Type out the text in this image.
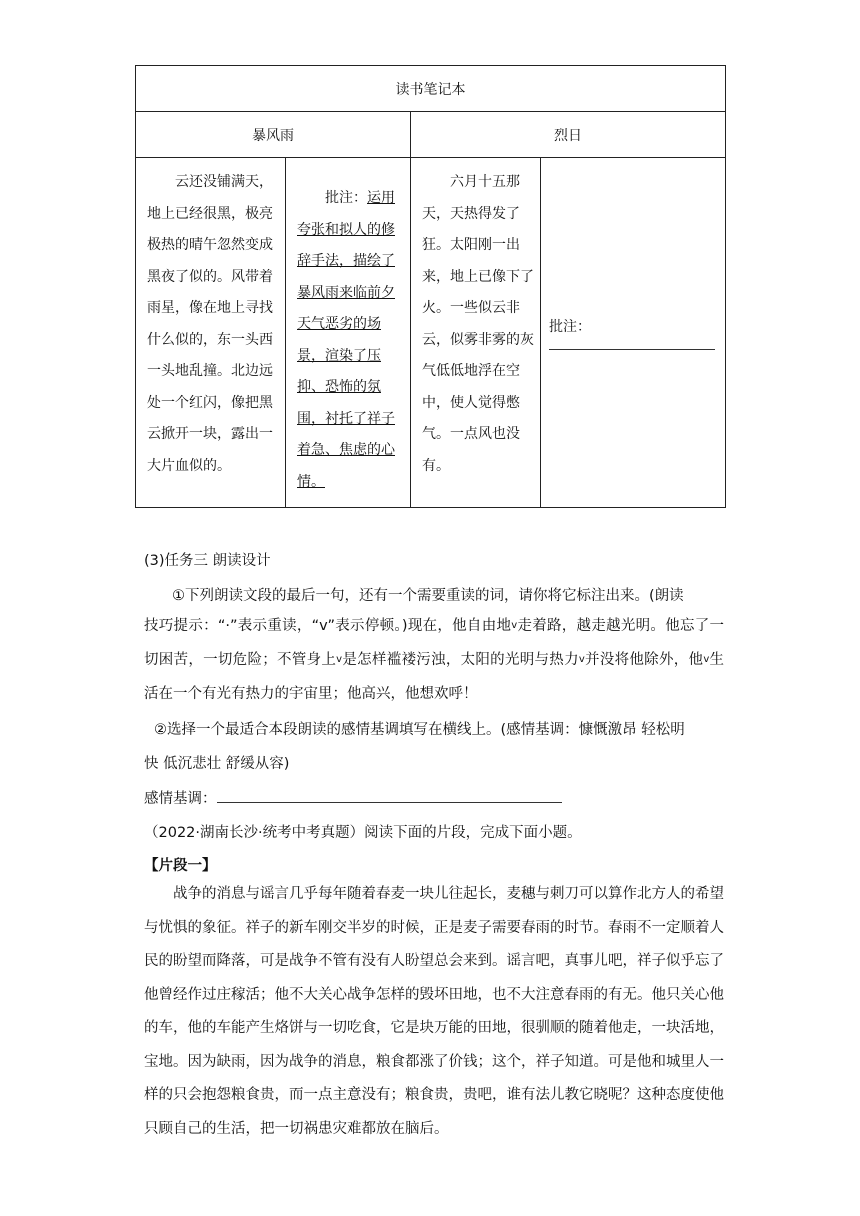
读书笔记本			
暴风雨		烈日	

云还没铺满天，地上已经很黑，极亮极热的晴午忽然变成黑夜了似的。风带着雨星，像在地上寻找什么似的，东一头西一头地乱撞。北边远处一个红闪，像把黑云掀开一块，露出一大片血似的。	批注：运用夸张和拟人的修辞手法，描绘了暴风雨来临前夕天气恶劣的场景，渲染了压抑、恐怖的氛围，衬托了祥子着急、焦虑的心情。	六月十五那天，天热得发了狂。太阳刚一出来，地上已像下了火。一些似云非云，似雾非雾的灰气低低地浮在空中，使人觉得憋气。一点风也没有。	批注：
(3)任务三 朗读设计
①下列朗读文段的最后一句，还有一个需要重读的词，请你将它标注出来。(朗读
技巧提示：“·”表示重读，“v”表示停顿。)现在，他自由地$^v$走着路，越走越光明。他忘了一切困苦，一切危险；不管身上$^v$是怎样褴褛污浊，太阳的光明与热力$^v$并没将他除外，他$^v$生活在一个有光有热力的宇宙里；他高兴，他想欢呼！
②选择一个最适合本段朗读的感情基调填写在横线上。(感情基调：慷慨激昂 轻松明
快 低沉悲壮 舒缓从容)
感情基调：
（2022·湖南长沙·统考中考真题）阅读下面的片段，完成下面小题。
【片段一】
战争的消息与谣言几乎每年随着春麦一块儿往起长，麦穗与刺刀可以算作北方人的希望与忧惧的象征。祥子的新车刚交半岁的时候，正是麦子需要春雨的时节。春雨不一定顺着人民的盼望而降落，可是战争不管有没有人盼望总会来到。谣言吧，真事儿吧，祥子似乎忘了他曾经作过庄稼活；他不大关心战争怎样的毁坏田地，也不大注意春雨的有无。他只关心他的车，他的车能产生烙饼与一切吃食，它是块万能的田地，很驯顺的随着他走，一块活地，宝地。因为缺雨，因为战争的消息，粮食都涨了价钱；这个，祥子知道。可是他和城里人一样的只会抱怨粮食贵，而一点主意没有；粮食贵，贵吧，谁有法儿教它晓呢？这种态度使他只顾自己的生活，把一切祸患灾难都放在脑后。
